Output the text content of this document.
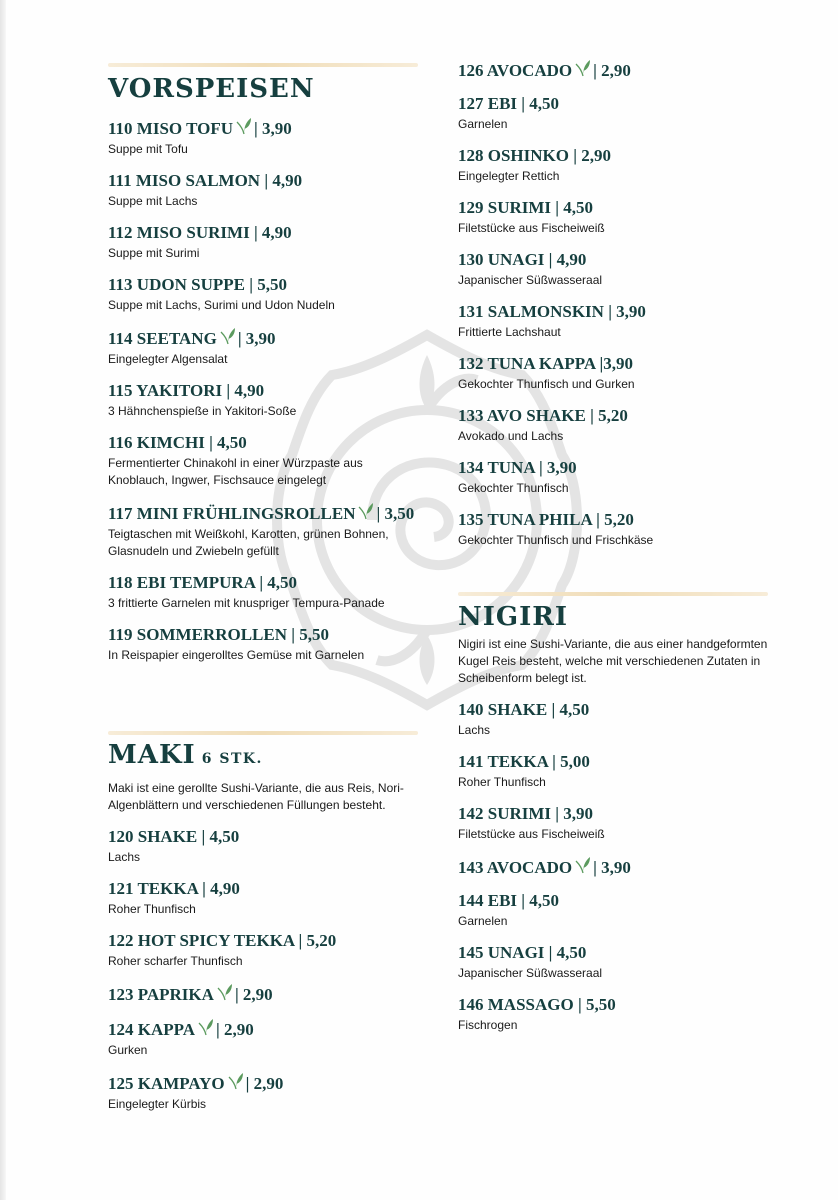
VORSPEISEN
110 MISO TOFU | 3,90
Suppe mit Tofu
111 MISO SALMON | 4,90
Suppe mit Lachs
112 MISO SURIMI | 4,90
Suppe mit Surimi
113 UDON SUPPE | 5,50
Suppe mit Lachs, Surimi und Udon Nudeln
114 SEETANG | 3,90
Eingelegter Algensalat
115 YAKITORI | 4,90
3 Hähnchenspieße in Yakitori-Soße
116 KIMCHI | 4,50
Fermentierter Chinakohl in einer Würzpaste aus Knoblauch, Ingwer, Fischsauce eingelegt
117 MINI FRÜHLINGSROLLEN | 3,50
Teigtaschen mit Weißkohl, Karotten, grünen Bohnen, Glasnudeln und Zwiebeln gefüllt
118 EBI TEMPURA | 4,50
3 frittierte Garnelen mit knuspriger Tempura-Panade
119 SOMMERROLLEN | 5,50
In Reispapier eingerolltes Gemüse mit Garnelen
MAKI 6 STK.
Maki ist eine gerollte Sushi-Variante, die aus Reis, Nori-Algenblättern und verschiedenen Füllungen besteht.
120 SHAKE | 4,50
Lachs
121 TEKKA | 4,90
Roher Thunfisch
122 HOT SPICY TEKKA | 5,20
Roher scharfer Thunfisch
123 PAPRIKA | 2,90
124 KAPPA | 2,90
Gurken
125 KAMPAYO | 2,90
Eingelegter Kürbis
126 AVOCADO | 2,90
127 EBI | 4,50
Garnelen
128 OSHINKO | 2,90
Eingelegter Rettich
129 SURIMI | 4,50
Filetstücke aus Fischeiweiß
130 UNAGI | 4,90
Japanischer Süßwasseraal
131 SALMONSKIN | 3,90
Frittierte Lachshaut
132 TUNA KAPPA |3,90
Gekochter Thunfisch und Gurken
133 AVO SHAKE | 5,20
Avokado und Lachs
134 TUNA | 3,90
Gekochter Thunfisch
135 TUNA PHILA | 5,20
Gekochter Thunfisch und Frischkäse
NIGIRI
Nigiri ist eine Sushi-Variante, die aus einer handgeformten Kugel Reis besteht, welche mit verschiedenen Zutaten in Scheibenform belegt ist.
140 SHAKE | 4,50
Lachs
141 TEKKA | 5,00
Roher Thunfisch
142 SURIMI | 3,90
Filetstücke aus Fischeiweiß
143 AVOCADO | 3,90
144 EBI | 4,50
Garnelen
145 UNAGI | 4,50
Japanischer Süßwasseraal
146 MASSAGO | 5,50
Fischrogen
